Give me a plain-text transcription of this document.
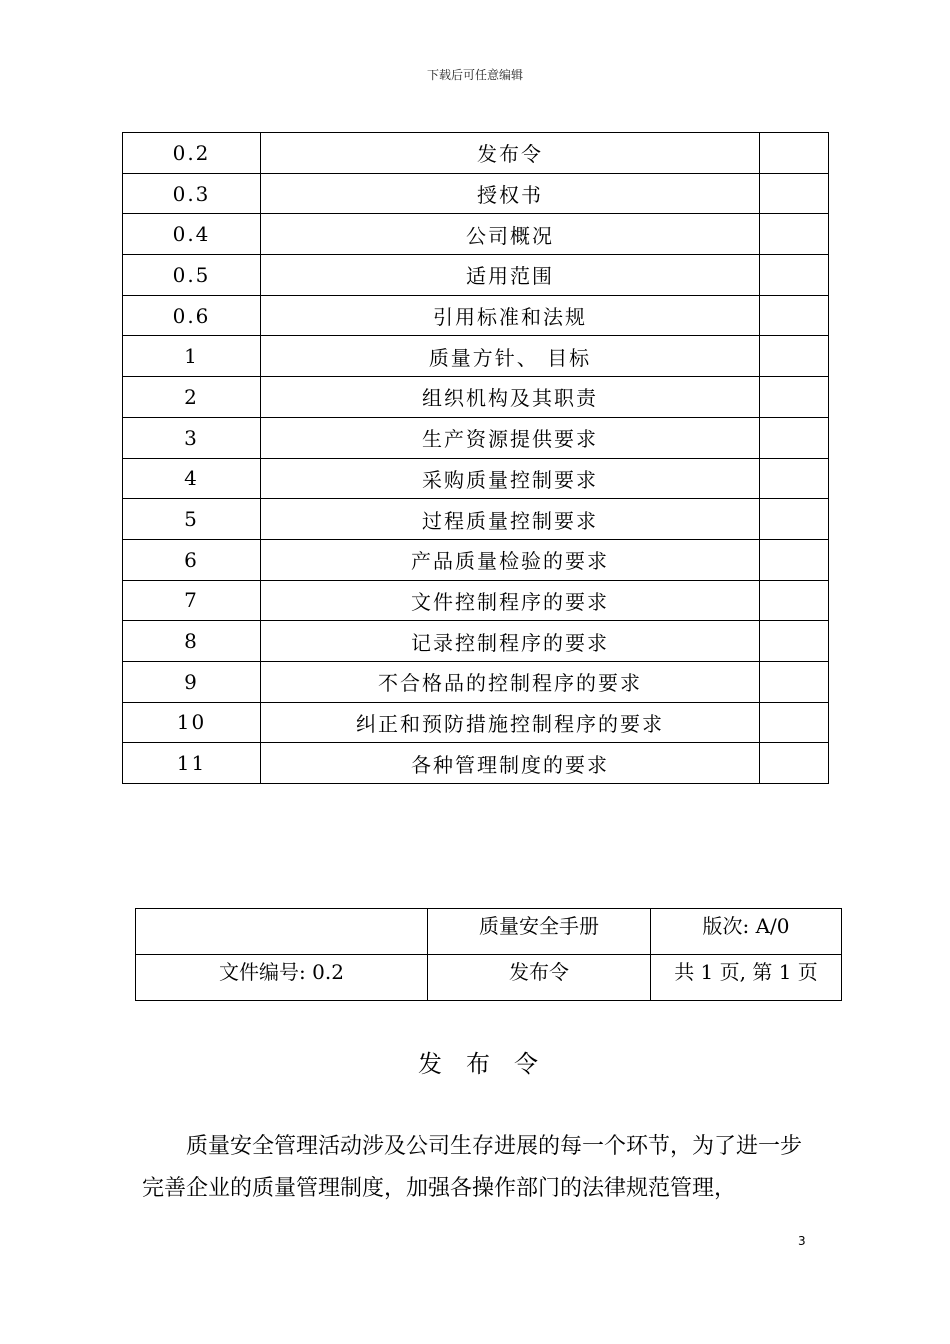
下载后可任意编辑
0.2	发布令	
0.3	授权书	
0.4	公司概况	
0.5	适用范围	
0.6	引用标准和法规	
1	质量方针、 目标	
2	组织机构及其职责	
3	生产资源提供要求	
4	采购质量控制要求	
5	过程质量控制要求	
6	产品质量检验的要求	
7	文件控制程序的要求	
8	记录控制程序的要求	
9	不合格品的控制程序的要求	
10	纠正和预防措施控制程序的要求	
11	各种管理制度的要求	
	质量安全手册	版次: A/0
文件编号: 0.2	发布令	共 1 页, 第 1 页
发布令

质量安全管理活动涉及公司生存进展的每一个环节，为了进一步完善企业的质量管理制度，加强各操作部门的法律规范管理，

3
